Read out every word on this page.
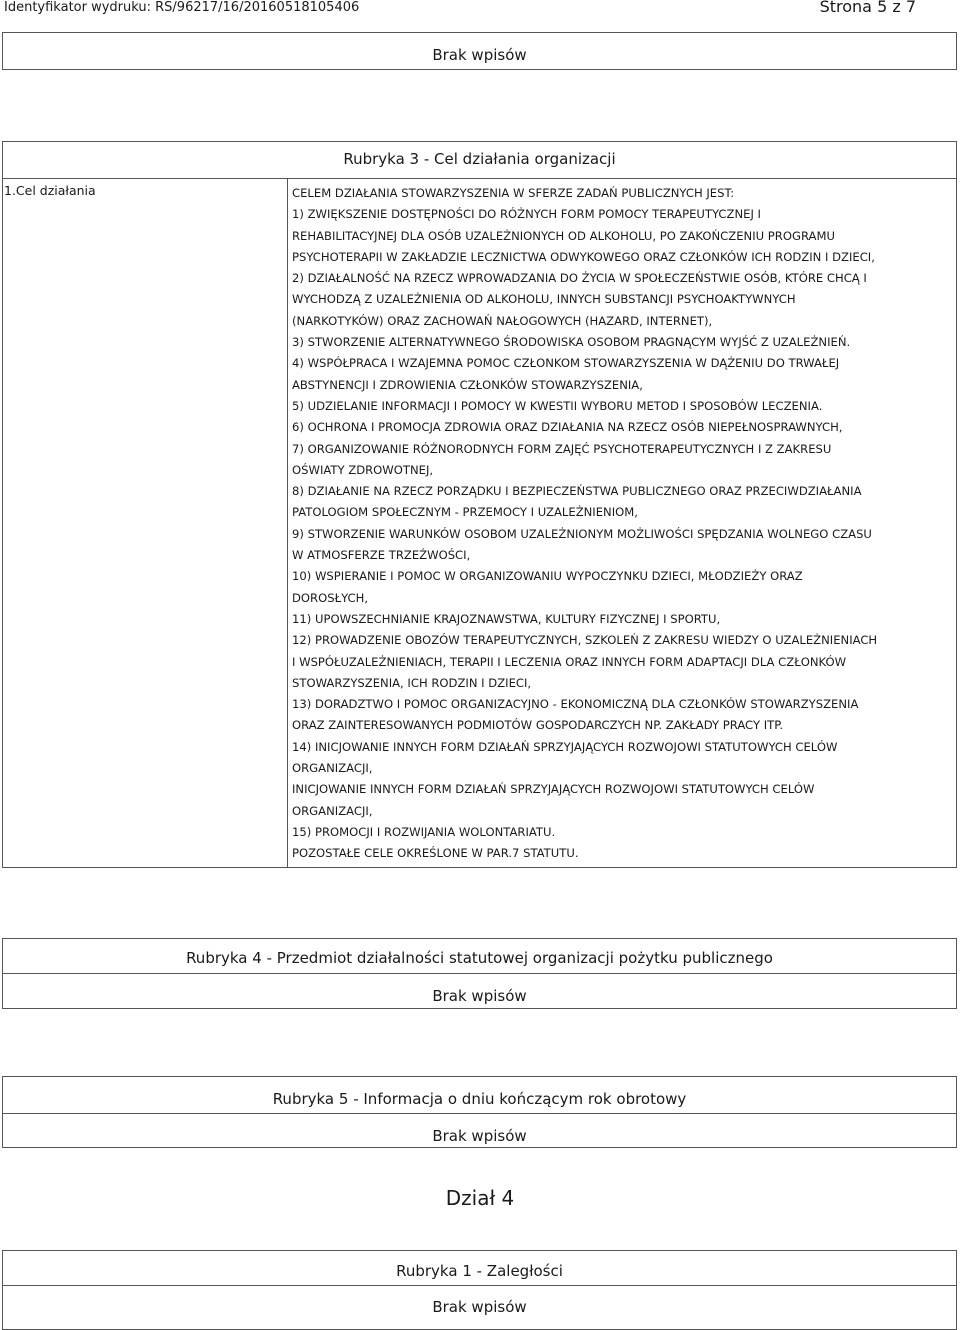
Identyfikator wydruku: RS/96217/16/20160518105406	Strona 5 z 7
Brak wpisów
Rubryka 3 - Cel działania organizacji
1.Cel działania	CELEM DZIAŁANIA STOWARZYSZENIA W SFERZE ZADAŃ PUBLICZNYCH JEST:
1) ZWIĘKSZENIE DOSTĘPNOŚCI DO RÓŻNYCH FORM POMOCY TERAPEUTYCZNEJ I
REHABILITACYJNEJ DLA OSÓB UZALEŻNIONYCH OD ALKOHOLU, PO ZAKOŃCZENIU PROGRAMU
PSYCHOTERAPII W ZAKŁADZIE LECZNICTWA ODWYKOWEGO ORAZ CZŁONKÓW ICH RODZIN I DZIECI,
2) DZIAŁALNOŚĆ NA RZECZ WPROWADZANIA DO ŻYCIA W SPOŁECZEŃSTWIE OSÓB, KTÓRE CHCĄ I
WYCHODZĄ Z UZALEŻNIENIA OD ALKOHOLU, INNYCH SUBSTANCJI PSYCHOAKTYWNYCH
(NARKOTYKÓW) ORAZ ZACHOWAŃ NAŁOGOWYCH (HAZARD, INTERNET),
3) STWORZENIE ALTERNATYWNEGO ŚRODOWISKA OSOBOM PRAGNĄCYM WYJŚĆ Z UZALEŻNIEŃ.
4) WSPÓŁPRACA I WZAJEMNA POMOC CZŁONKOM STOWARZYSZENIA W DĄŻENIU DO TRWAŁEJ
ABSTYNENCJI I ZDROWIENIA CZŁONKÓW STOWARZYSZENIA,
5) UDZIELANIE INFORMACJI I POMOCY W KWESTII WYBORU METOD I SPOSOBÓW LECZENIA.
6) OCHRONA I PROMOCJA ZDROWIA ORAZ DZIAŁANIA NA RZECZ OSÓB NIEPEŁNOSPRAWNYCH,
7) ORGANIZOWANIE RÓŻNORODNYCH FORM ZAJĘĆ PSYCHOTERAPEUTYCZNYCH I Z ZAKRESU
OŚWIATY ZDROWOTNEJ,
8) DZIAŁANIE NA RZECZ PORZĄDKU I BEZPIECZEŃSTWA PUBLICZNEGO ORAZ PRZECIWDZIAŁANIA
PATOLOGIOM SPOŁECZNYM - PRZEMOCY I UZALEŻNIENIOM,
9) STWORZENIE WARUNKÓW OSOBOM UZALEŻNIONYM MOŻLIWOŚCI SPĘDZANIA WOLNEGO CZASU
W ATMOSFERZE TRZEŹWOŚCI,
10) WSPIERANIE I POMOC W ORGANIZOWANIU WYPOCZYNKU DZIECI, MŁODZIEŻY ORAZ
DOROSŁYCH,
11) UPOWSZECHNIANIE KRAJOZNAWSTWA, KULTURY FIZYCZNEJ I SPORTU,
12) PROWADZENIE OBOZÓW TERAPEUTYCZNYCH, SZKOLEŃ Z ZAKRESU WIEDZY O UZALEŻNIENIACH
I WSPÓŁUZALEŻNIENIACH, TERAPII I LECZENIA ORAZ INNYCH FORM ADAPTACJI DLA CZŁONKÓW
STOWARZYSZENIA, ICH RODZIN I DZIECI,
13) DORADZTWO I POMOC ORGANIZACYJNO - EKONOMICZNĄ DLA CZŁONKÓW STOWARZYSZENIA
ORAZ ZAINTERESOWANYCH PODMIOTÓW GOSPODARCZYCH NP. ZAKŁADY PRACY ITP.
14) INICJOWANIE INNYCH FORM DZIAŁAŃ SPRZYJAJĄCYCH ROZWOJOWI STATUTOWYCH CELÓW
ORGANIZACJI,
INICJOWANIE INNYCH FORM DZIAŁAŃ SPRZYJAJĄCYCH ROZWOJOWI STATUTOWYCH CELÓW
ORGANIZACJI,
15) PROMOCJI I ROZWIJANIA WOLONTARIATU.
POZOSTAŁE CELE OKREŚLONE W PAR.7 STATUTU.
Rubryka 4 - Przedmiot działalności statutowej organizacji pożytku publicznego
Brak wpisów
Rubryka 5 - Informacja o dniu kończącym rok obrotowy
Brak wpisów
Dział 4
Rubryka 1 - Zaległości
Brak wpisów
